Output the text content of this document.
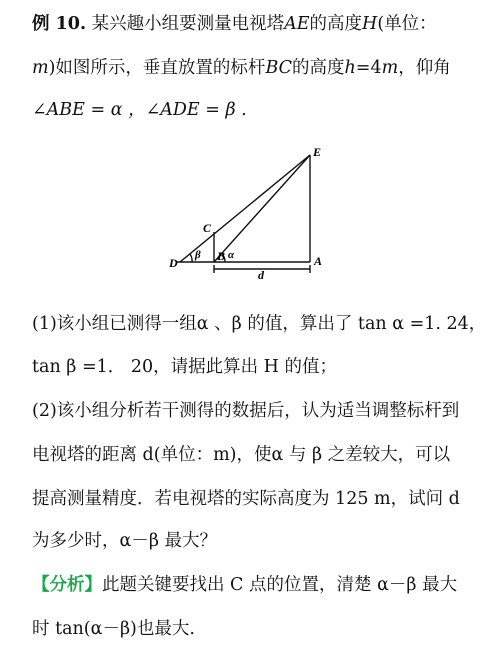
例 10. 某兴趣小组要测量电视塔AE的高度H(单位：
m)如图所示，垂直放置的标杆BC的高度h=4m，仰角
∠ABE = α ，∠ADE = β .
E
C
D	B	A
β α
d
(1)该小组已测得一组α 、β 的值，算出了 tan α =1. 24，
tan β =1． 20，请据此算出 H 的值；
(2)该小组分析若干测得的数据后，认为适当调整标杆到
电视塔的距离 d(单位：m)，使α 与 β 之差较大，可以
提高测量精度．若电视塔的实际高度为 125 m，试问 d
为多少时，α－β 最大？
【分析】此题关键要找出 C 点的位置，清楚 α－β 最大
时 tan(α－β)也最大.
